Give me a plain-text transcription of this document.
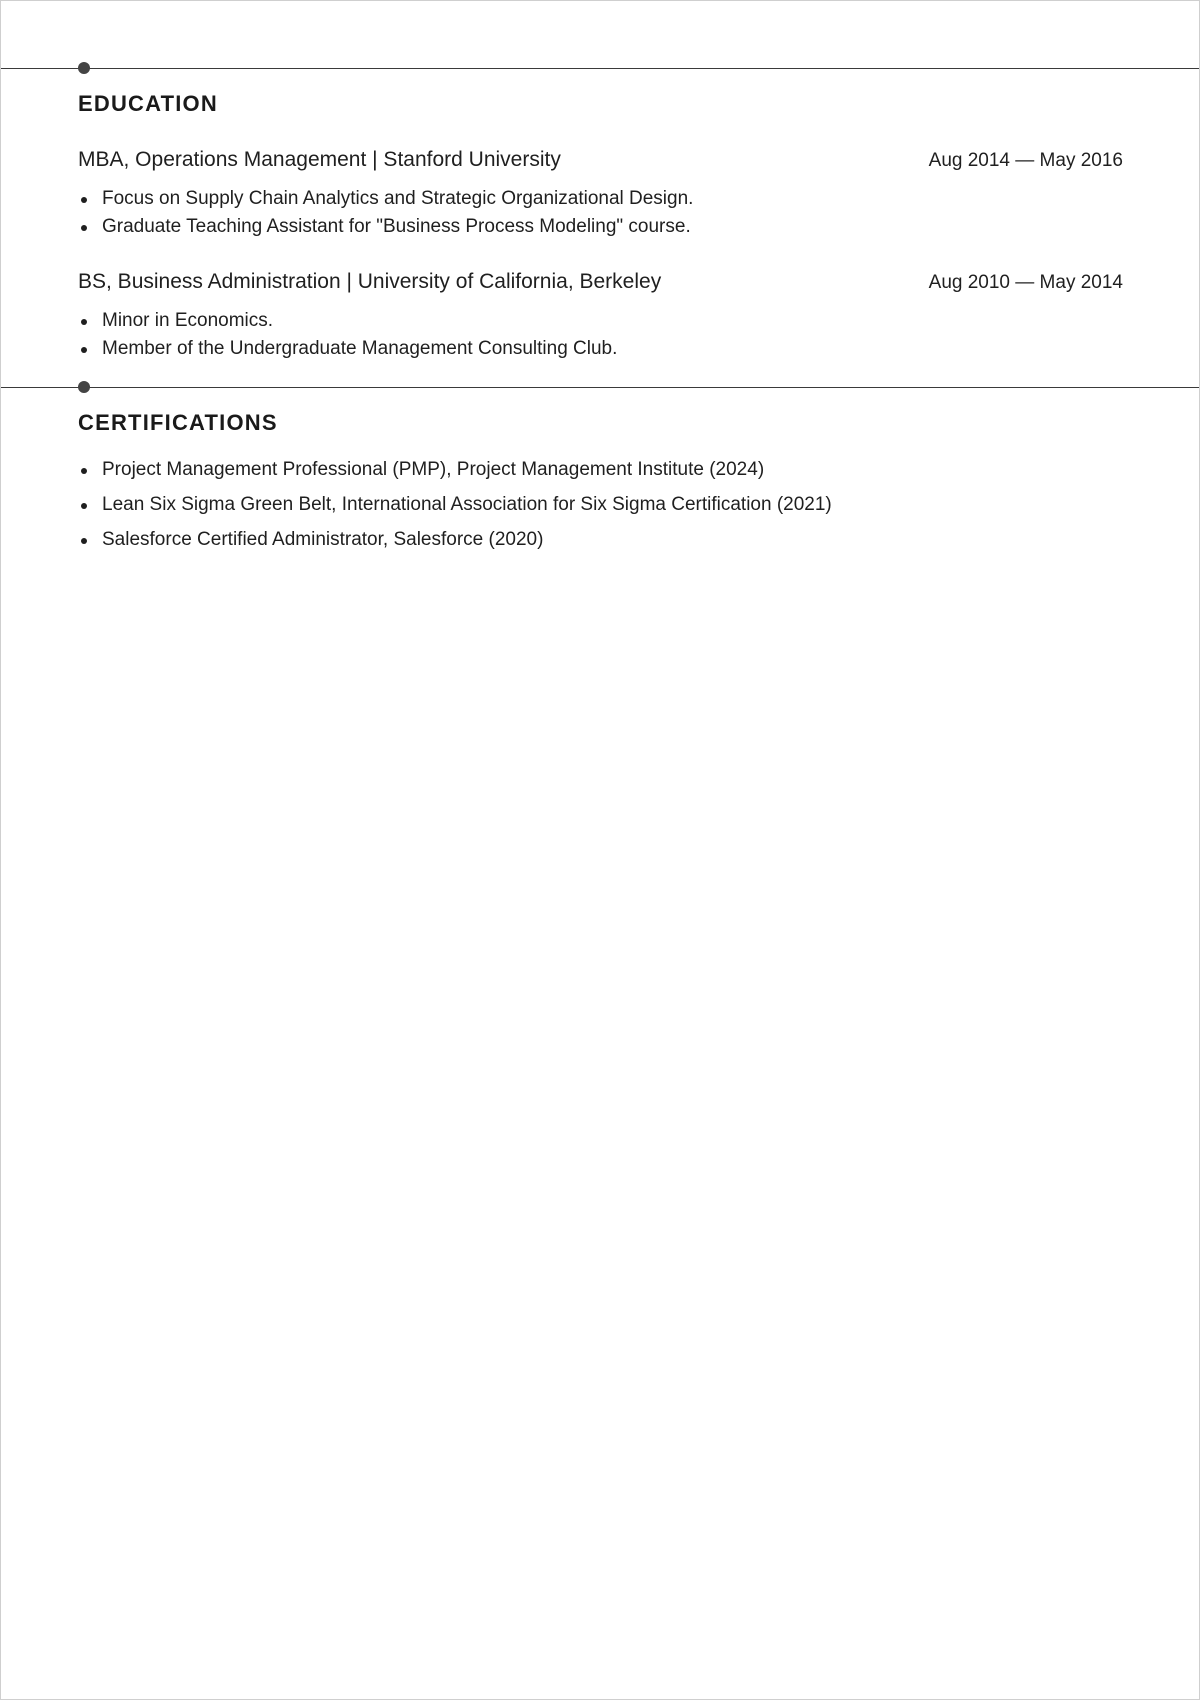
EDUCATION
MBA, Operations Management | Stanford University	Aug 2014 — May 2016
Focus on Supply Chain Analytics and Strategic Organizational Design.
Graduate Teaching Assistant for "Business Process Modeling" course.
BS, Business Administration | University of California, Berkeley	Aug 2010 — May 2014
Minor in Economics.
Member of the Undergraduate Management Consulting Club.
CERTIFICATIONS
Project Management Professional (PMP), Project Management Institute (2024)
Lean Six Sigma Green Belt, International Association for Six Sigma Certification (2021)
Salesforce Certified Administrator, Salesforce (2020)
